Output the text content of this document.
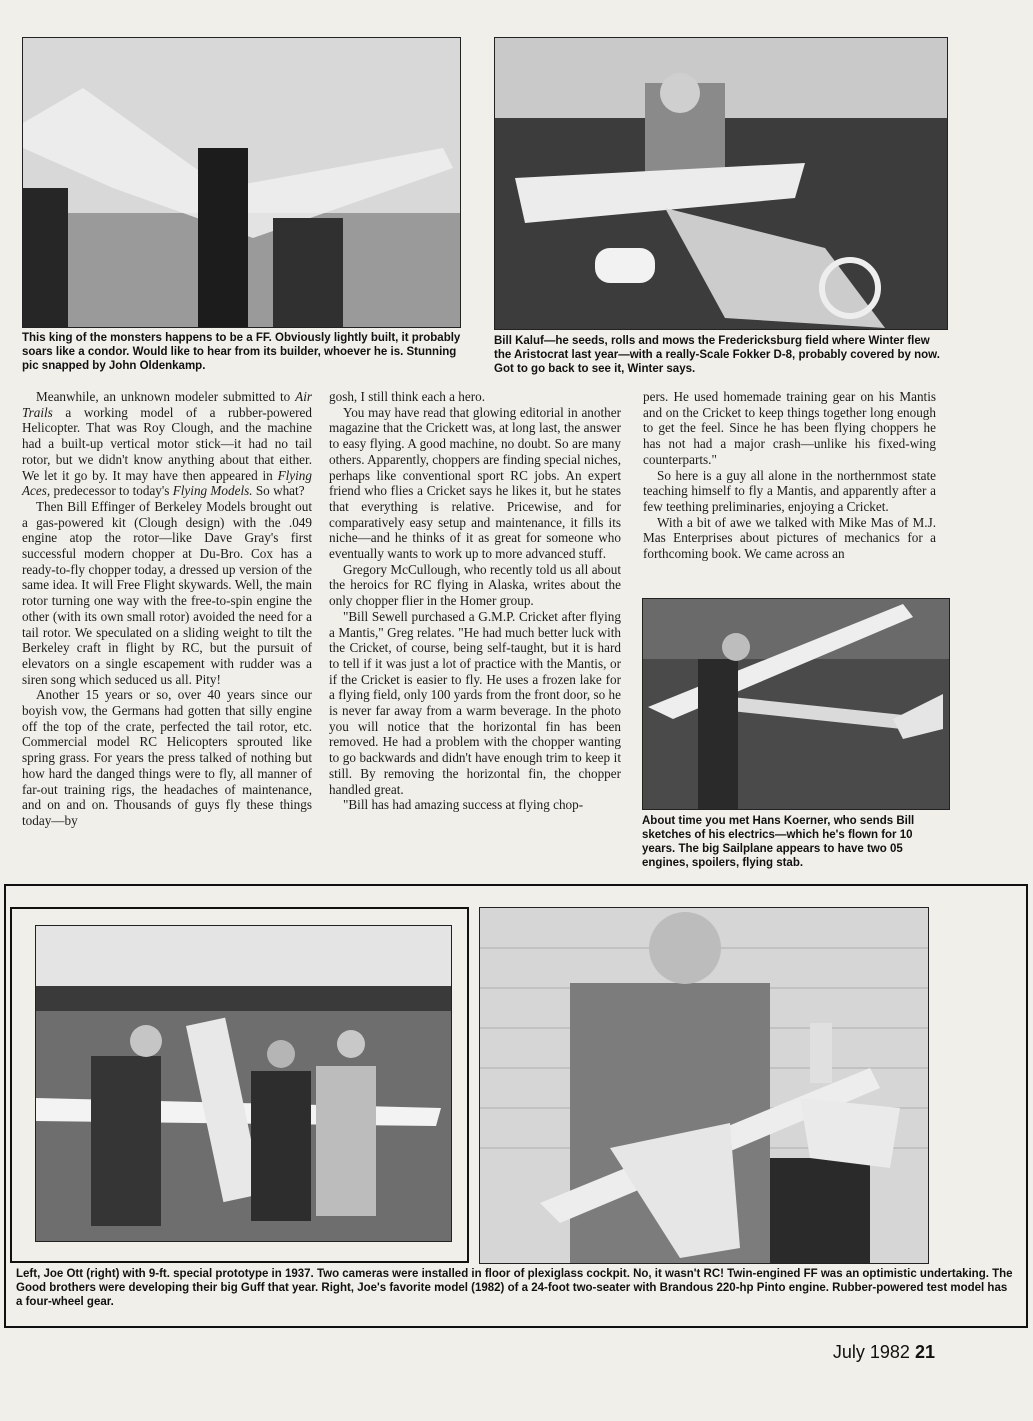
This king of the monsters happens to be a FF. Obviously lightly built, it probably soars like a condor. Would like to hear from its builder, whoever he is. Stunning pic snapped by John Oldenkamp.

Bill Kaluf—he seeds, rolls and mows the Fredericksburg field where Winter flew the Aristocrat last year—with a really-Scale Fokker D-8, probably covered by now. Got to go back to see it, Winter says.

Meanwhile, an unknown modeler submitted to Air Trails a working model of a rubber-powered Helicopter. That was Roy Clough, and the machine had a built-up vertical motor stick—it had no tail rotor, but we didn't know anything about that either. We let it go by. It may have then appeared in Flying Aces, predecessor to today's Flying Models. So what?

Then Bill Effinger of Berkeley Models brought out a gas-powered kit (Clough design) with the .049 engine atop the rotor—like Dave Gray's first successful modern chopper at Du-Bro. Cox has a ready-to-fly chopper today, a dressed up version of the same idea. It will Free Flight skywards. Well, the main rotor turning one way with the free-to-spin engine the other (with its own small rotor) avoided the need for a tail rotor. We speculated on a sliding weight to tilt the Berkeley craft in flight by RC, but the pursuit of elevators on a single escapement with rudder was a siren song which seduced us all. Pity!

Another 15 years or so, over 40 years since our boyish vow, the Germans had gotten that silly engine off the top of the crate, perfected the tail rotor, etc. Commercial model RC Helicopters sprouted like spring grass. For years the press talked of nothing but how hard the danged things were to fly, all manner of far-out training rigs, the headaches of maintenance, and on and on. Thousands of guys fly these things today—by

gosh, I still think each a hero.

You may have read that glowing editorial in another magazine that the Crickett was, at long last, the answer to easy flying. A good machine, no doubt. So are many others. Apparently, choppers are finding special niches, perhaps like conventional sport RC jobs. An expert friend who flies a Cricket says he likes it, but he states that everything is relative. Pricewise, and for comparatively easy setup and maintenance, it fills its niche—and he thinks of it as great for someone who eventually wants to work up to more advanced stuff.

Gregory McCullough, who recently told us all about the heroics for RC flying in Alaska, writes about the only chopper flier in the Homer group.

"Bill Sewell purchased a G.M.P. Cricket after flying a Mantis," Greg relates. "He had much better luck with the Cricket, of course, being self-taught, but it is hard to tell if it was just a lot of practice with the Mantis, or if the Cricket is easier to fly. He uses a frozen lake for a flying field, only 100 yards from the front door, so he is never far away from a warm beverage. In the photo you will notice that the horizontal fin has been removed. He had a problem with the chopper wanting to go backwards and didn't have enough trim to keep it still. By removing the horizontal fin, the chopper handled great.

"Bill has had amazing success at flying chop-

pers. He used homemade training gear on his Mantis and on the Cricket to keep things together long enough to get the feel. Since he has been flying choppers he has not had a major crash—unlike his fixed-wing counterparts."

So here is a guy all alone in the northernmost state teaching himself to fly a Mantis, and apparently after a few teething preliminaries, enjoying a Cricket.

With a bit of awe we talked with Mike Mas of M.J. Mas Enterprises about pictures of mechanics for a forthcoming book. We came across an

About time you met Hans Koerner, who sends Bill sketches of his electrics—which he's flown for 10 years. The big Sailplane appears to have two 05 engines, spoilers, flying stab.

Left, Joe Ott (right) with 9-ft. special prototype in 1937. Two cameras were installed in floor of plexiglass cockpit. No, it wasn't RC! Twin-engined FF was an optimistic undertaking. The Good brothers were developing their big Guff that year. Right, Joe's favorite model (1982) of a 24-foot two-seater with Brandous 220-hp Pinto engine. Rubber-powered test model has a four-wheel gear.

July 1982 21
